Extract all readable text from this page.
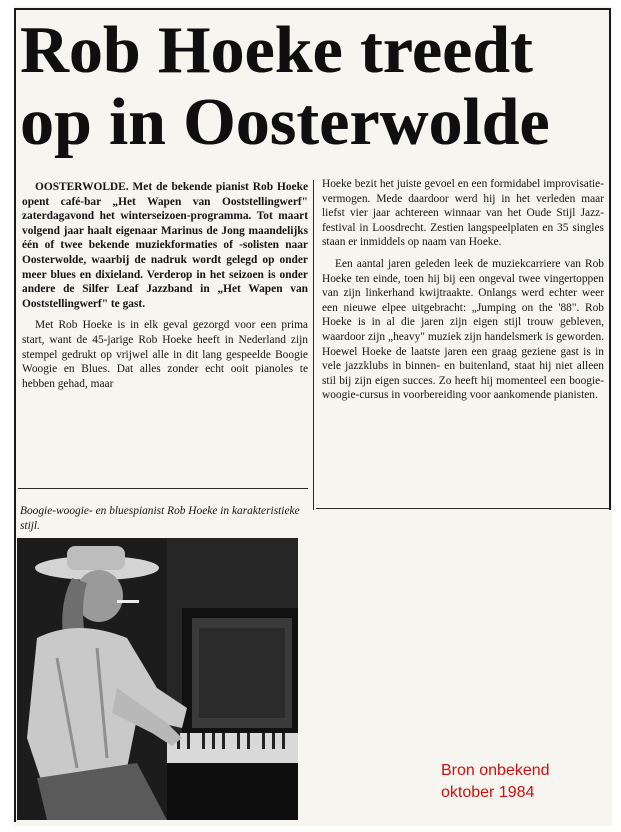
Rob Hoeke treedt
op in Oosterwolde

OOSTERWOLDE. Met de bekende pianist Rob Hoeke opent café-bar „Het Wapen van Ooststellingwerf" zaterdagavond het winterseizoen-programma. Tot maart volgend jaar haalt eigenaar Marinus de Jong maandelijks één of twee bekende muziekformaties of -solisten naar Oosterwolde, waarbij de nadruk wordt gelegd op onder meer blues en dixieland. Verderop in het seizoen is onder andere de Silfer Leaf Jazzband in „Het Wapen van Ooststellingwerf" te gast.

Met Rob Hoeke is in elk geval gezorgd voor een prima start, want de 45-jarige Rob Hoeke heeft in Nederland zijn stempel gedrukt op vrijwel alle in dit lang gespeelde Boogie Woogie en Blues. Dat alles zonder echt ooit pianoles te hebben gehad, maar

Hoeke bezit het juiste gevoel en een formidabel improvisatie-vermogen. Mede daardoor werd hij in het verleden maar liefst vier jaar achtereen winnaar van het Oude Stijl Jazz-festival in Loosdrecht. Zestien langspeelplaten en 35 singles staan er inmiddels op naam van Hoeke.

Een aantal jaren geleden leek de muziekcarriere van Rob Hoeke ten einde, toen hij bij een ongeval twee vingertoppen van zijn linkerhand kwijtraakte. Onlangs werd echter weer een nieuwe elpee uitgebracht: „Jumping on the '88". Rob Hoeke is in al die jaren zijn eigen stijl trouw gebleven, waardoor zijn „heavy" muziek zijn handelsmerk is geworden. Hoewel Hoeke de laatste jaren een graag geziene gast is in vele jazzklubs in binnen- en buitenland, staat hij niet alleen stil bij zijn eigen succes. Zo heeft hij momenteel een boogie-woogie-cursus in voorbereiding voor aankomende pianisten.

Boogie-woogie- en bluespianist Rob Hoeke in karakteristieke stijl.

Bron onbekend
oktober 1984
